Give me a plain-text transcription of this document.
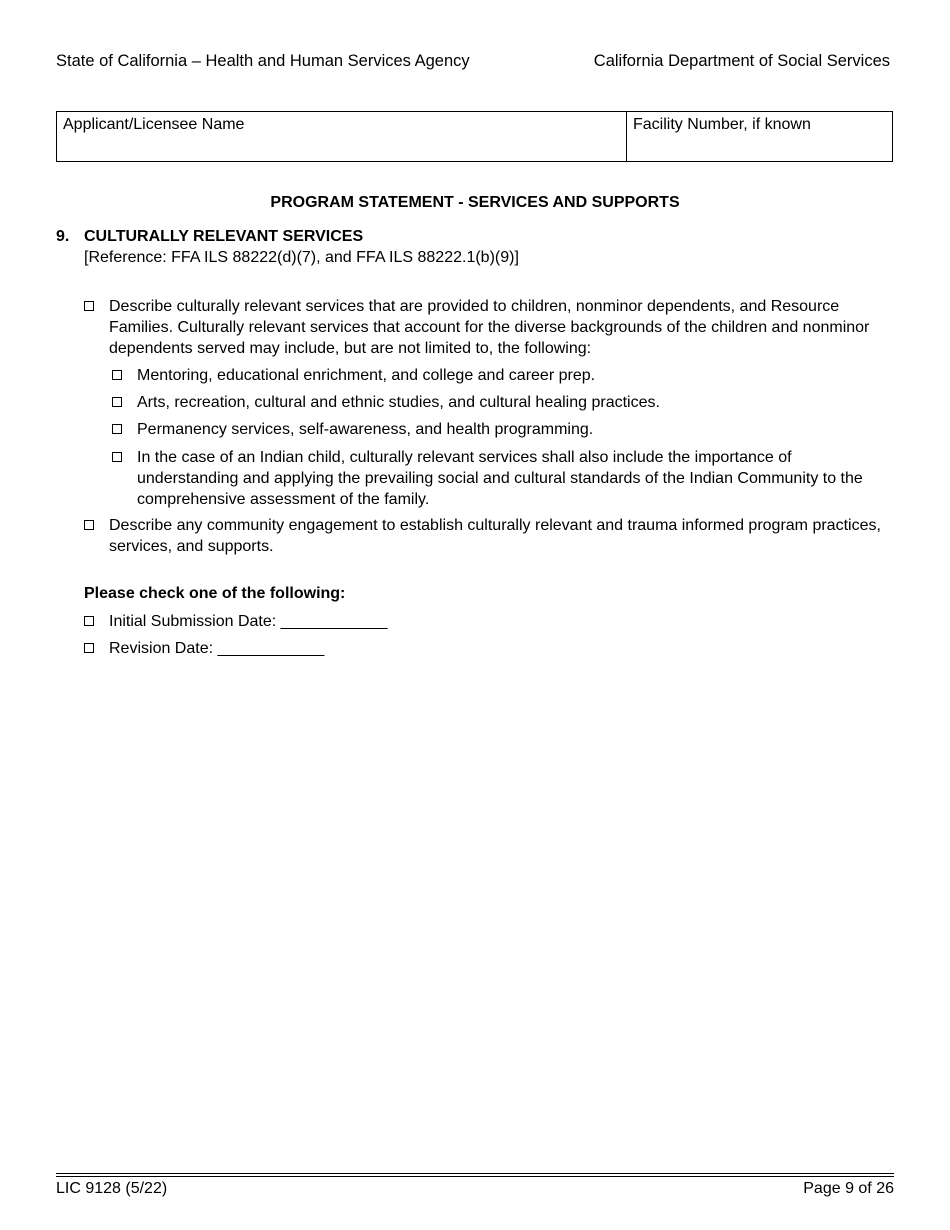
State of California – Health and Human Services Agency	California Department of Social Services
Applicant/Licensee Name	Facility Number, if known
PROGRAM STATEMENT - SERVICES AND SUPPORTS
9. CULTURALLY RELEVANT SERVICES
[Reference: FFA ILS 88222(d)(7), and FFA ILS 88222.1(b)(9)]
Describe culturally relevant services that are provided to children, nonminor dependents, and Resource Families. Culturally relevant services that account for the diverse backgrounds of the children and nonminor dependents served may include, but are not limited to, the following:
Mentoring, educational enrichment, and college and career prep.
Arts, recreation, cultural and ethnic studies, and cultural healing practices.
Permanency services, self-awareness, and health programming.
In the case of an Indian child, culturally relevant services shall also include the importance of understanding and applying the prevailing social and cultural standards of the Indian Community to the comprehensive assessment of the family.
Describe any community engagement to establish culturally relevant and trauma informed program practices, services, and supports.
Please check one of the following:
Initial Submission Date: ____________
Revision Date: ____________
LIC 9128 (5/22)	Page 9 of 26
